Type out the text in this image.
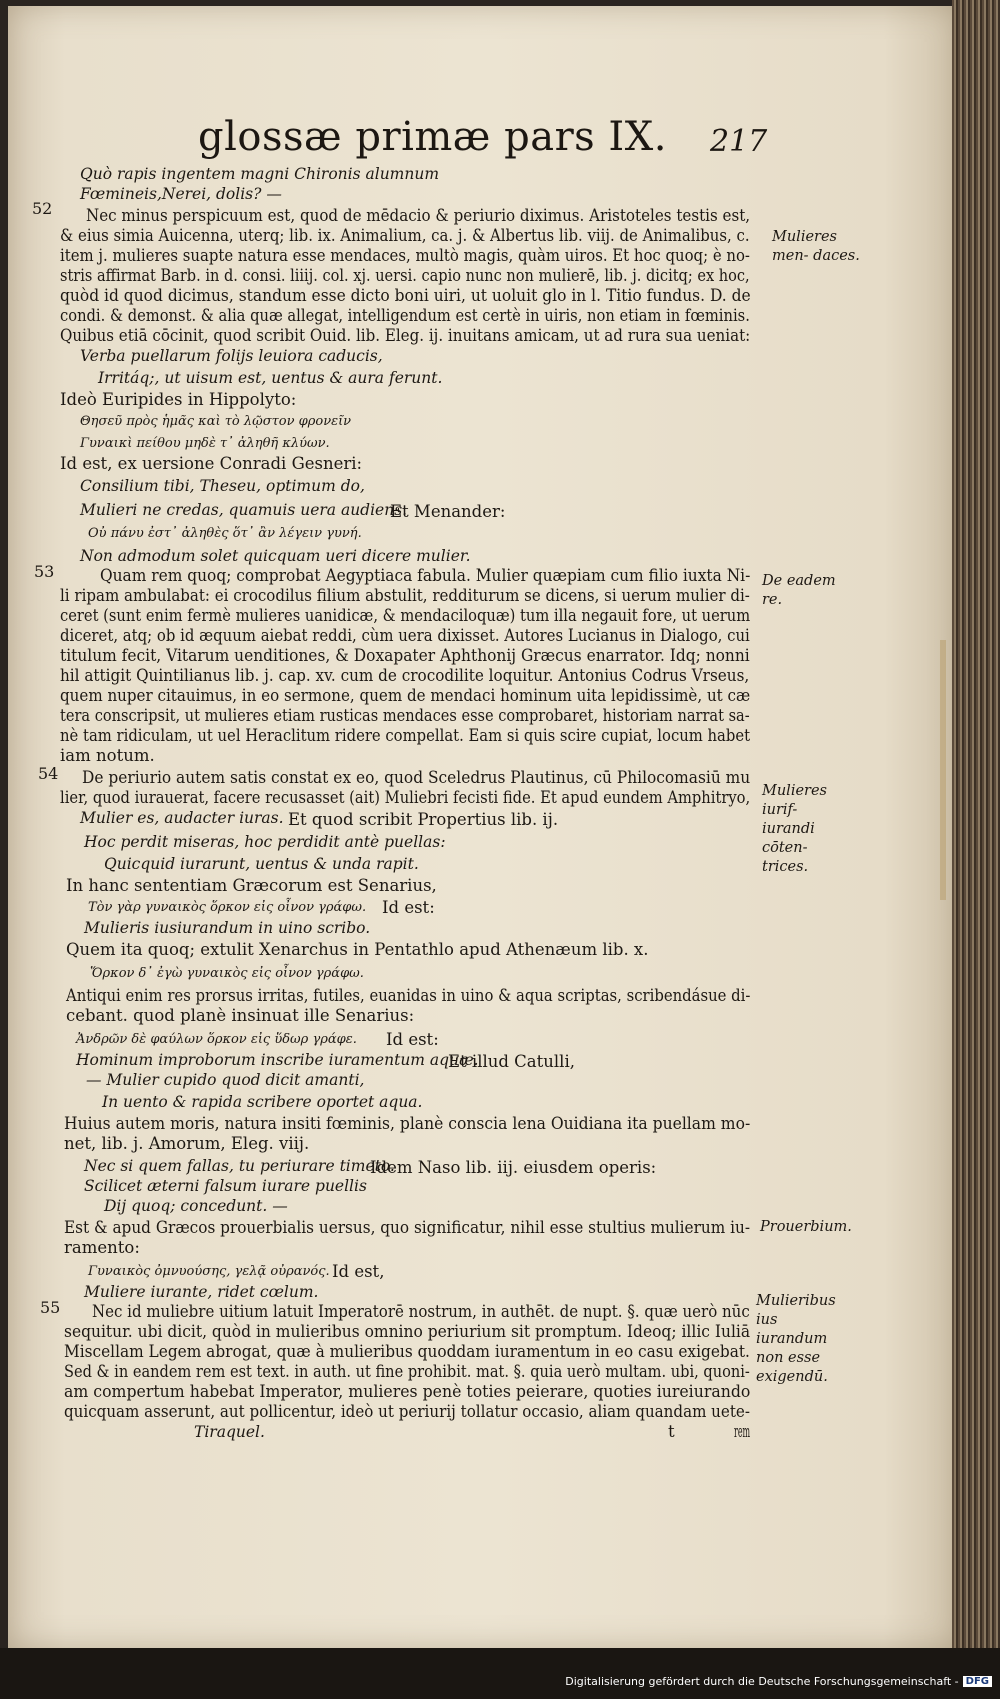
glossæ primæ pars IX. 217
Quò rapis ingentem magni Chironis alumnum
Fœmineis,Nerei, dolis? —
52 Nec minus perspicuum est, quod de mēdacio & periurio diximus. Aristoteles testis est,
& eius simia Auicenna, uterq; lib. ix. Animalium, ca. j. & Albertus lib. viij. de Animalibus, c.
item j. mulieres suapte natura esse mendaces, multò magis, quàm uiros. Et hoc quoq; è no-
stris affirmat Barb. in d. consi. liiij. col. xj. uersi. capio nunc non mulierē, lib. j. dicitq; ex hoc,
quòd id quod dicimus, standum esse dicto boni uiri, ut uoluit glo in l. Titio fundus. D. de
condi. & demonst. & alia quæ allegat, intelligendum est certè in uiris, non etiam in fœminis.
Quibus etiā cōcinit, quod scribit Ouid. lib. Eleg. ij. inuitans amicam, ut ad rura sua ueniat:
Verba puellarum folijs leuiora caducis,
Irritáq;, ut uisum est, uentus & aura ferunt.
Ideò Euripides in Hippolyto:
Θησεῦ πρὸς ἡμᾶς καὶ τὸ λῷστον φρονεῖν
Γυναικὶ πείθου μηδὲ τ᾿ ἀληθῆ κλύων.
Id est, ex uersione Conradi Gesneri:
Consilium tibi, Theseu, optimum do,
Mulieri ne credas, quamuis uera audiens.
Et Menander:
Οὐ πάνυ ἐστ᾿ ἀληθὲς ὅτ᾿ ἂν λέγειν γυνή.
Non admodum solet quicquam ueri dicere mulier.
53	Quam rem quoq; comprobat Aegyptiaca fabula. Mulier quæpiam cum filio iuxta Ni-
li ripam ambulabat: ei crocodilus filium abstulit, redditurum se dicens, si uerum mulier di-
ceret (sunt enim fermè mulieres uanidicæ, & mendaciloquæ) tum illa negauit fore, ut uerum
diceret, atq; ob id æquum aiebat reddi, cùm uera dixisset. Autores Lucianus in Dialogo, cui
titulum fecit, Vitarum uenditiones, & Doxapater Aphthonij Græcus enarrator. Idq; nonni
hil attigit Quintilianus lib. j. cap. xv. cum de crocodilite loquitur. Antonius Codrus Vrseus,
quem nuper citauimus, in eo sermone, quem de mendaci hominum uita lepidissimè, ut cæ
tera conscripsit, ut mulieres etiam rusticas mendaces esse comprobaret, historiam narrat sa-
nè tam ridiculam, ut uel Heraclitum ridere compellat. Eam si quis scire cupiat, locum habet
iam notum.
54 De periurio autem satis constat ex eo, quod Sceledrus Plautinus, cū Philocomasiū mu
lier, quod iurauerat, facere recusasset (ait) Muliebri fecisti fide. Et apud eundem Amphitryo,
Mulier es, audacter iuras. Et quod scribit Propertius lib. ij.
Hoc perdit miseras, hoc perdidit antè puellas:
Quicquid iurarunt, uentus & unda rapit.
In hanc sententiam Græcorum est Senarius,
Τὸν γὰρ γυναικὸς ὅρκον εἰς οἶνον γράφω. Id est:
Mulieris iusiurandum in uino scribo.
Quem ita quoq; extulit Xenarchus in Pentathlo apud Athenæum lib. x.
Ὅρκον δ᾿ ἐγὼ γυναικὸς εἰς οἶνον γράφω.
Antiqui enim res prorsus irritas, futiles, euanidas in uino & aqua scriptas, scribendásue di-
cebant. quod planè insinuat ille Senarius:
Ἀνδρῶν δὲ φαύλων ὅρκον εἰς ὕδωρ γράφε. Id est:
Hominum improborum inscribe iuramentum aquæ.
Et illud Catulli,
— Mulier cupido quod dicit amanti,
In uento & rapida scribere oportet aqua.
Huius autem moris, natura insiti fœminis, planè conscia lena Ouidiana ita puellam mo-
net, lib. j. Amorum, Eleg. viij.
Nec si quem fallas, tu periurare timeto.
Idem Naso lib. iij. eiusdem operis:
Scilicet æterni falsum iurare puellis
Dij quoq; concedunt. —
Est & apud Græcos prouerbialis uersus, quo significatur, nihil esse stultius mulierum iu-
ramento:
Γυναικὸς ὀμνυούσης, γελᾷ οὐρανός. Id est,
Muliere iurante, ridet cœlum.
55 Nec id muliebre uitium latuit Imperatorē nostrum, in authēt. de nupt. §. quæ uerò nūc
sequitur. ubi dicit, quòd in mulieribus omnino periurium sit promptum. Ideoq; illic Iuliā
Miscellam Legem abrogat, quæ à mulieribus quoddam iuramentum in eo casu exigebat.
Sed & in eandem rem est text. in auth. ut fine prohibit. mat. §. quia uerò multam. ubi, quoni-
am compertum habebat Imperator, mulieres penè toties peierare, quoties iureiurando
quicquam asserunt, aut pollicentur, ideò ut periurij tollatur occasio, aliam quandam uete-
Tiraquel.	t	rem
Mulieres men- daces.
De eadem re.
Mulieres iurif- iurandi cōten- trices.
Prouerbium.
Mulieribus ius iurandum non esse exigendū.
Digitalisierung gefördert durch die Deutsche Forschungsgemeinschaft - DFG
